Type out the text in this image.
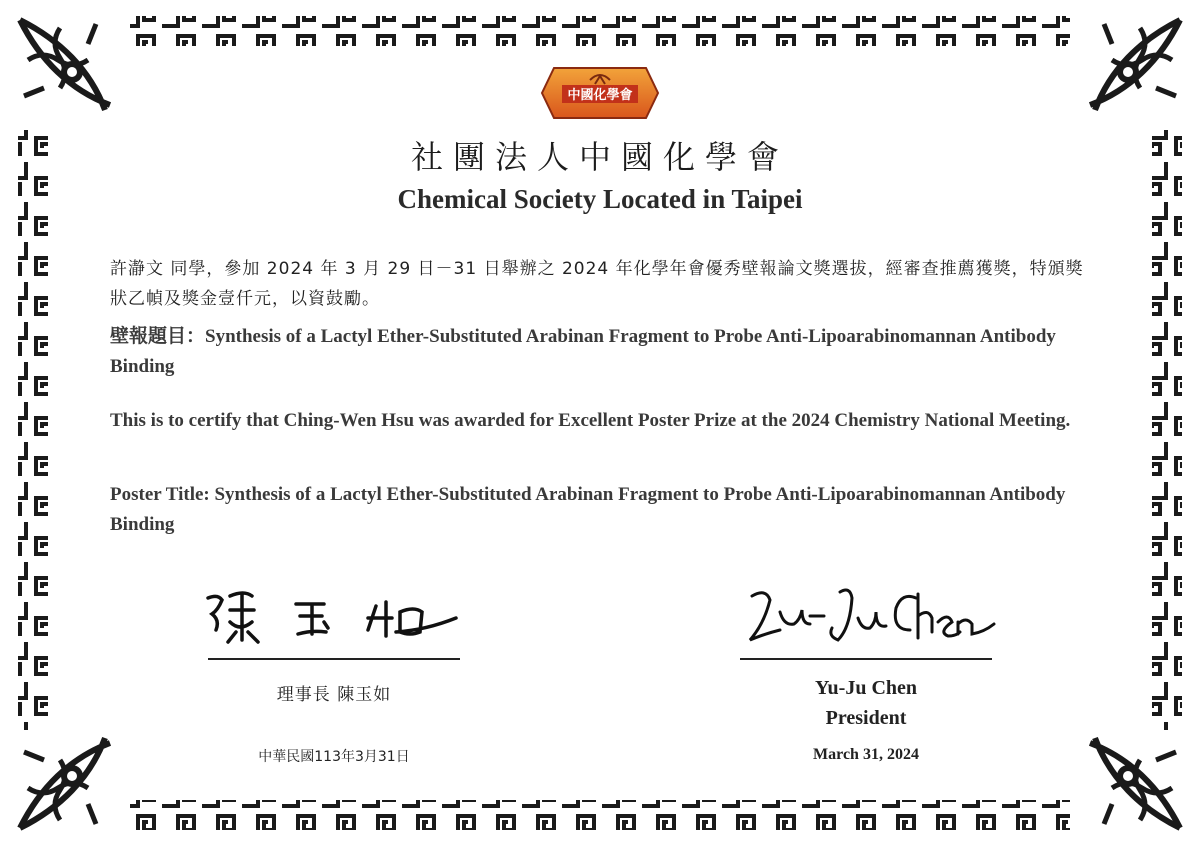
中國化學會
社團法人中國化學會
Chemical Society Located in Taipei

許瀞文 同學，參加 2024 年 3 月 29 日－31 日舉辦之 2024 年化學年會優秀壁報論文獎選拔，經審查推薦獲獎，特頒獎狀乙幀及獎金壹仟元，以資鼓勵。

壁報題目：Synthesis of a Lactyl Ether-Substituted Arabinan Fragment to Probe Anti-Lipoarabinomannan Antibody Binding

This is to certify that Ching-Wen Hsu was awarded for Excellent Poster Prize at the 2024 Chemistry National Meeting.

Poster Title: Synthesis of a Lactyl Ether-Substituted Arabinan Fragment to Probe Anti-Lipoarabinomannan Antibody Binding

理事長 陳玉如
中華民國113年3月31日
Yu-Ju Chen
President
March 31, 2024
